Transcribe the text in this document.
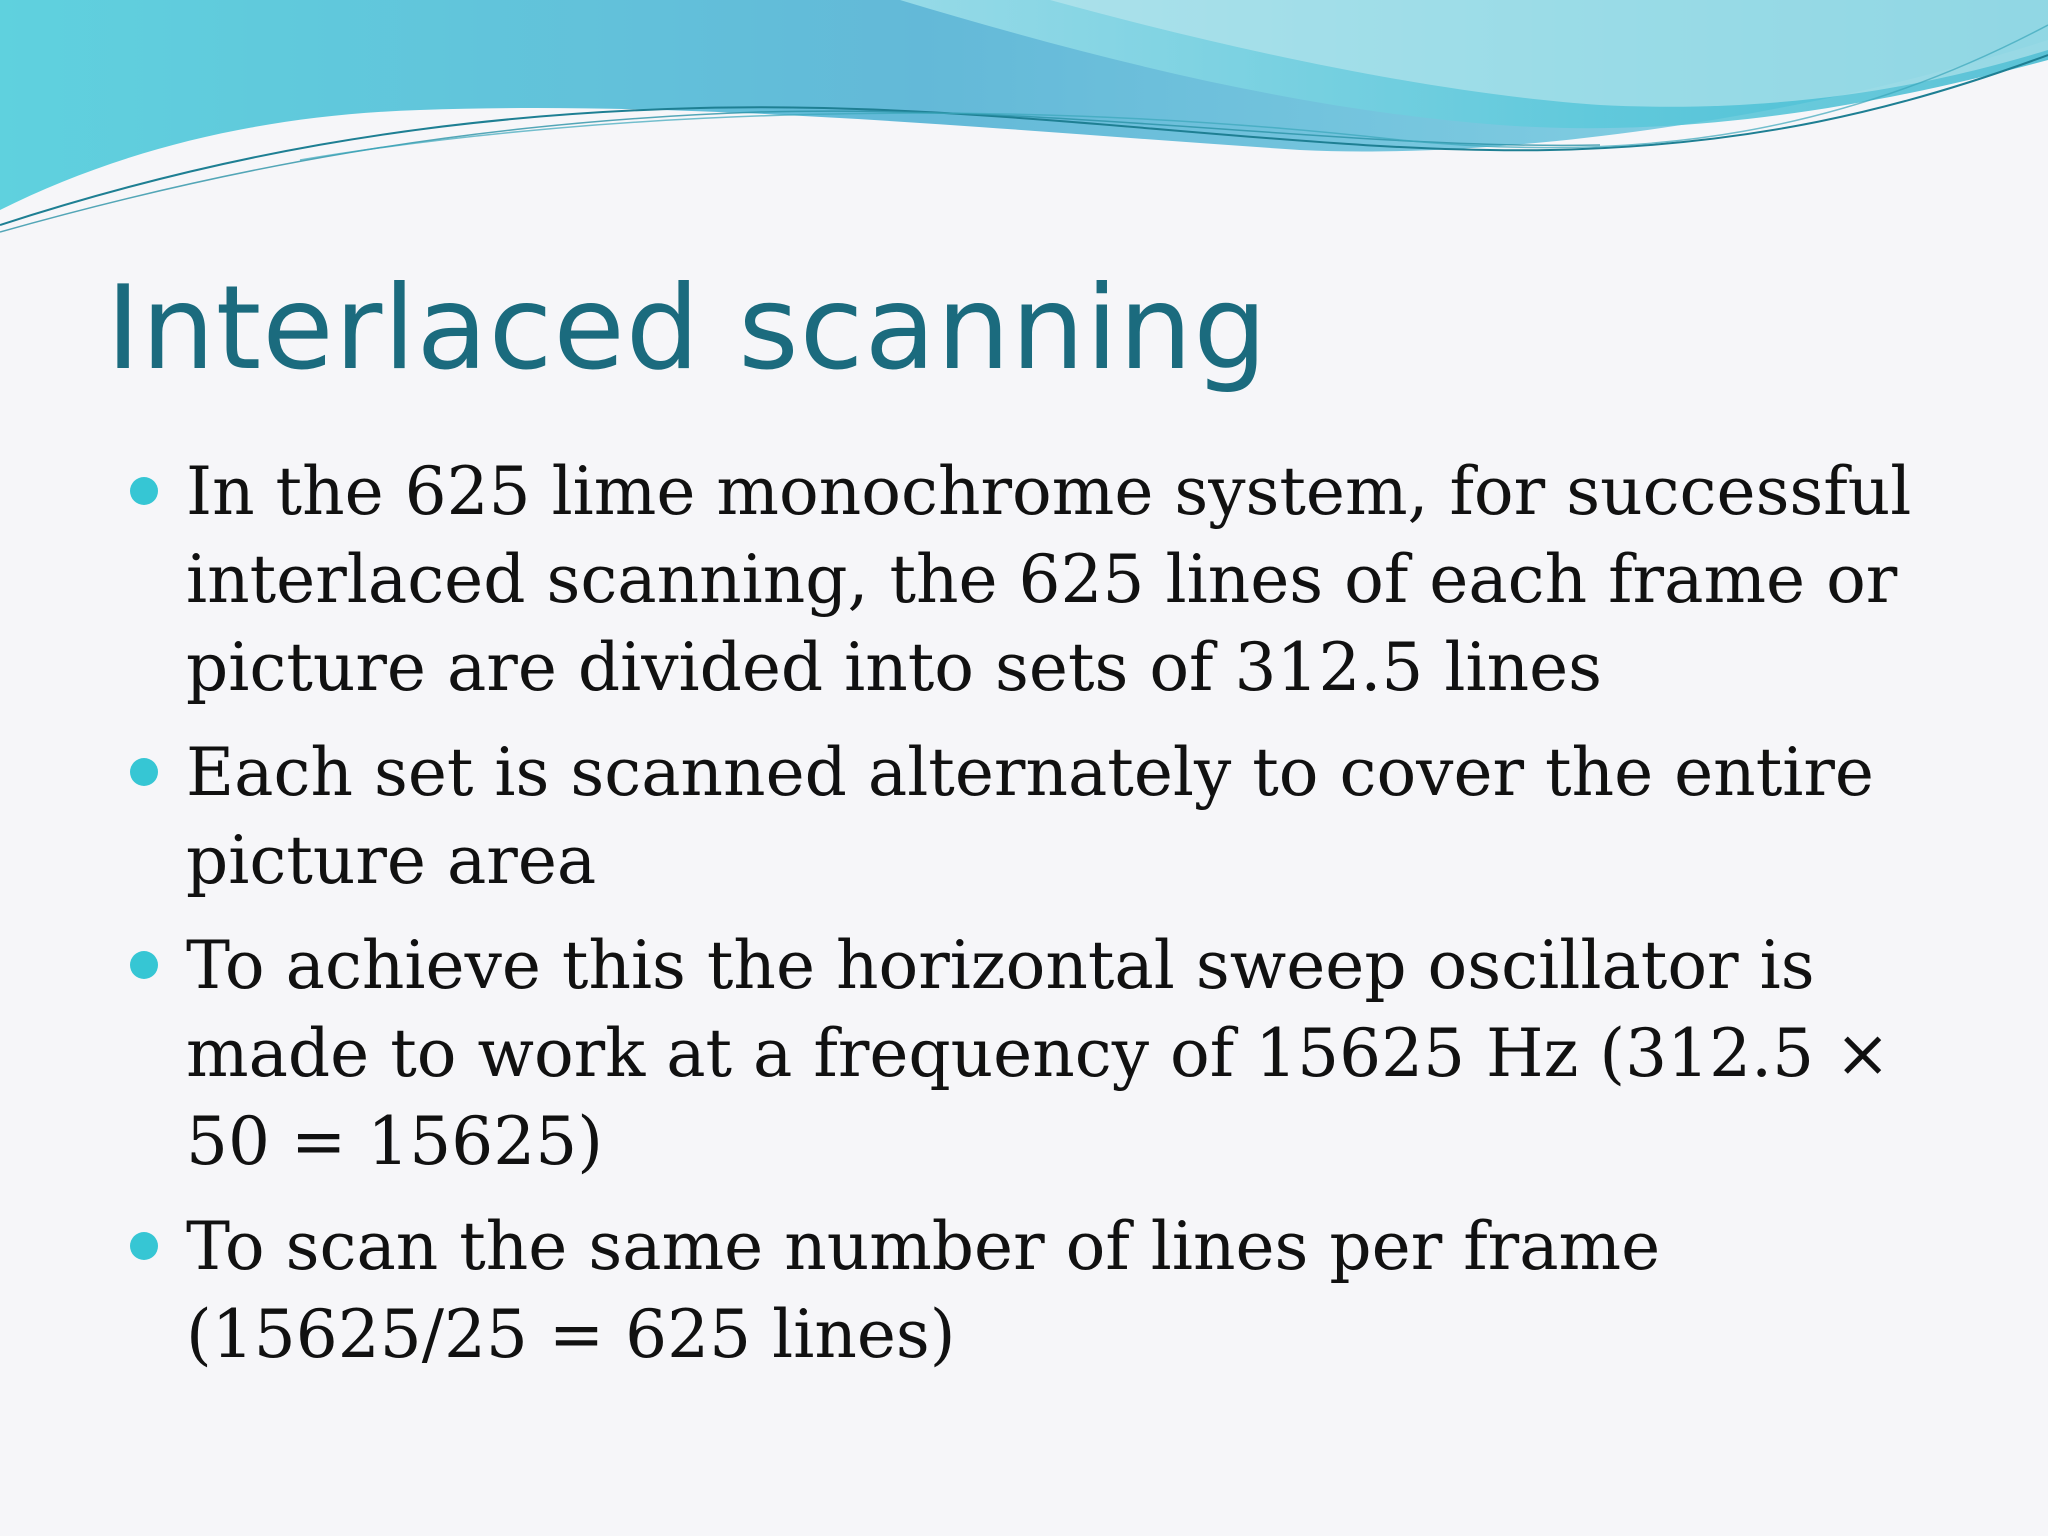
Interlaced scanning
In the 625 lime monochrome system, for successful interlaced scanning, the 625 lines of each frame or picture are divided into sets of 312.5 lines
Each set is scanned alternately to cover the entire picture area
To achieve this the horizontal sweep oscillator is made to work at a frequency of 15625 Hz (312.5 × 50 = 15625)
To scan the same number of lines per frame (15625/25 = 625 lines)
